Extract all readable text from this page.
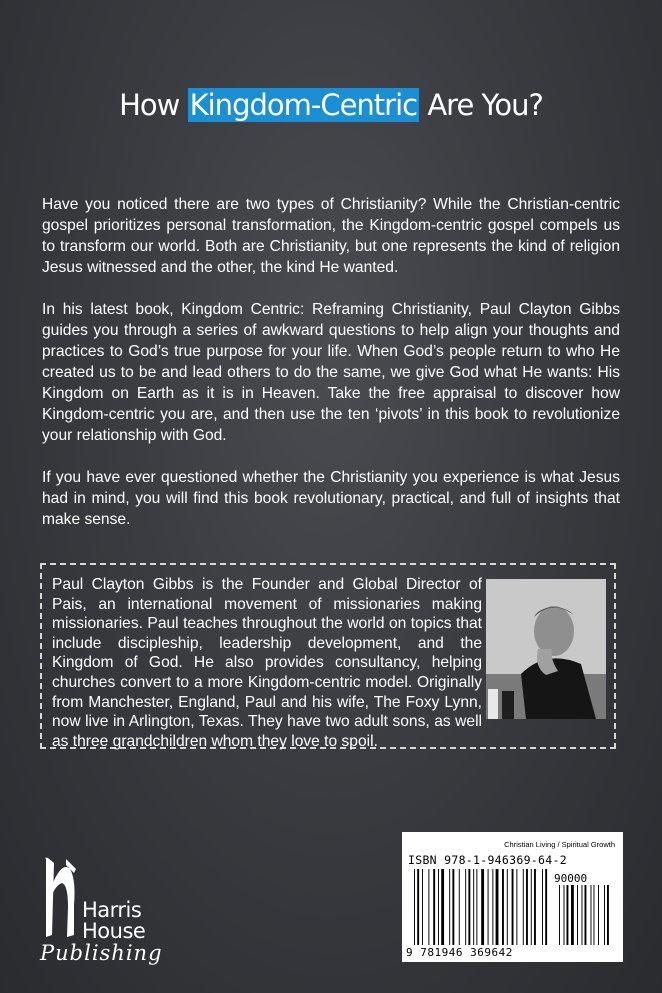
How Kingdom-Centric Are You?

Have you noticed there are two types of Christianity? While the Christian-centric gospel prioritizes personal transformation, the Kingdom-centric gospel compels us to transform our world. Both are Christianity, but one represents the kind of religion Jesus witnessed and the other, the kind He wanted.

In his latest book, Kingdom Centric: Reframing Christianity, Paul Clayton Gibbs guides you through a series of awkward questions to help align your thoughts and practices to God’s true purpose for your life. When God’s people return to who He created us to be and lead others to do the same, we give God what He wants: His Kingdom on Earth as it is in Heaven. Take the free appraisal to discover how Kingdom-centric you are, and then use the ten ‘pivots’ in this book to revolutionize your relationship with God.

If you have ever questioned whether the Christianity you experience is what Jesus had in mind, you will find this book revolutionary, practical, and full of insights that make sense.

Paul Clayton Gibbs is the Founder and Global Director of Pais, an international movement of missionaries making missionaries. Paul teaches throughout the world on topics that include discipleship, leadership development, and the Kingdom of God. He also provides consultancy, helping churches convert to a more Kingdom-centric model. Originally from Manchester, England, Paul and his wife, The Foxy Lynn, now live in Arlington, Texas. They have two adult sons, as well as three grandchildren whom they love to spoil.
Harris
House
Publishing
Christian Living / Spiritual Growth
ISBN 978-1-946369-64-2
90000
9 781946 369642
